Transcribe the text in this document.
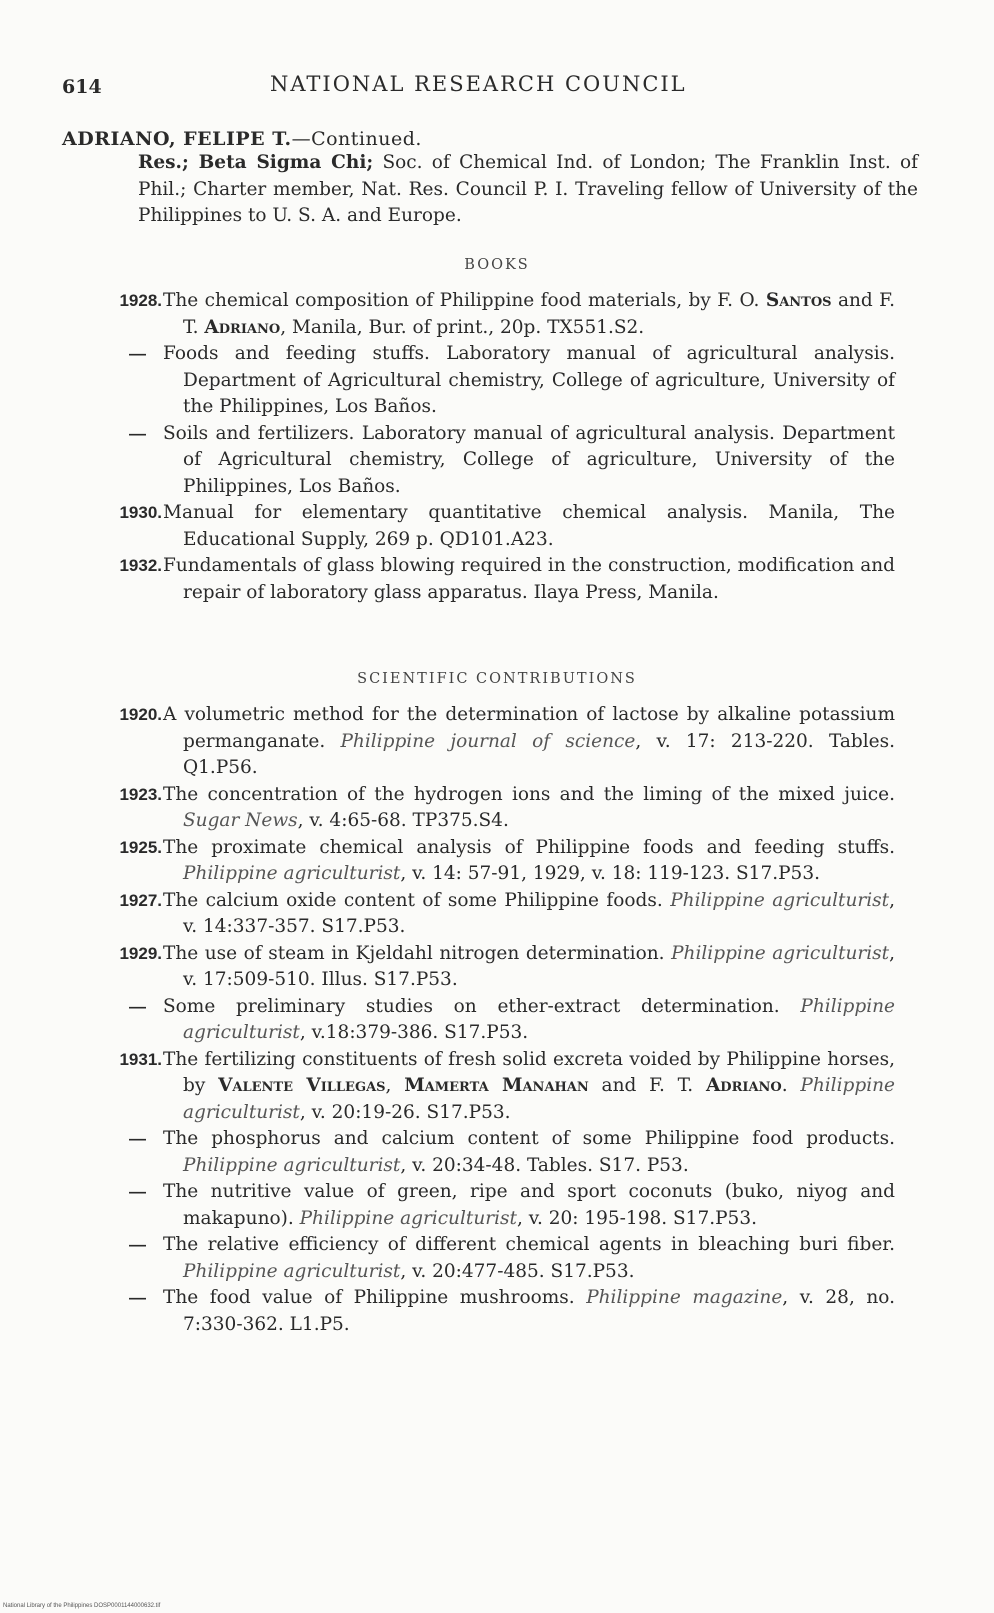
614	NATIONAL RESEARCH COUNCIL
ADRIANO, FELIPE T.—Continued.
Res.; Beta Sigma Chi; Soc. of Chemical Ind. of London; The Franklin Inst. of Phil.; Charter member, Nat. Res. Council P. I. Traveling fellow of University of the Philippines to U. S. A. and Europe.
BOOKS
1928. The chemical composition of Philippine food materials, by F. O. Santos and F. T. Adriano, Manila, Bur. of print., 20p. TX551.S2.
— Foods and feeding stuffs. Laboratory manual of agricultural analysis. Department of Agricultural chemistry, College of agriculture, University of the Philippines, Los Baños.
— Soils and fertilizers. Laboratory manual of agricultural analysis. Department of Agricultural chemistry, College of agriculture, University of the Philippines, Los Baños.
1930. Manual for elementary quantitative chemical analysis. Manila, The Educational Supply, 269 p. QD101.A23.
1932. Fundamentals of glass blowing required in the construction, modification and repair of laboratory glass apparatus. Ilaya Press, Manila.
SCIENTIFIC CONTRIBUTIONS
1920. A volumetric method for the determination of lactose by alkaline potassium permanganate. Philippine journal of science, v. 17: 213-220. Tables. Q1.P56.
1923. The concentration of the hydrogen ions and the liming of the mixed juice. Sugar News, v. 4:65-68. TP375.S4.
1925. The proximate chemical analysis of Philippine foods and feeding stuffs. Philippine agriculturist, v. 14: 57-91, 1929, v. 18: 119-123. S17.P53.
1927. The calcium oxide content of some Philippine foods. Philippine agriculturist, v. 14:337-357. S17.P53.
1929. The use of steam in Kjeldahl nitrogen determination. Philippine agriculturist, v. 17:509-510. Illus. S17.P53.
— Some preliminary studies on ether-extract determination. Philippine agriculturist, v.18:379-386. S17.P53.
1931. The fertilizing constituents of fresh solid excreta voided by Philippine horses, by Valente Villegas, Mamerta Manahan and F. T. Adriano. Philippine agriculturist, v. 20:19-26. S17.P53.
— The phosphorus and calcium content of some Philippine food products. Philippine agriculturist, v. 20:34-48. Tables. S17. P53.
— The nutritive value of green, ripe and sport coconuts (buko, niyog and makapuno). Philippine agriculturist, v. 20: 195-198. S17.P53.
— The relative efficiency of different chemical agents in bleaching buri fiber. Philippine agriculturist, v. 20:477-485. S17.P53.
— The food value of Philippine mushrooms. Philippine magazine, v. 28, no. 7:330-362. L1.P5.
National Library of the Philippines DOSP0001144000632.tif
